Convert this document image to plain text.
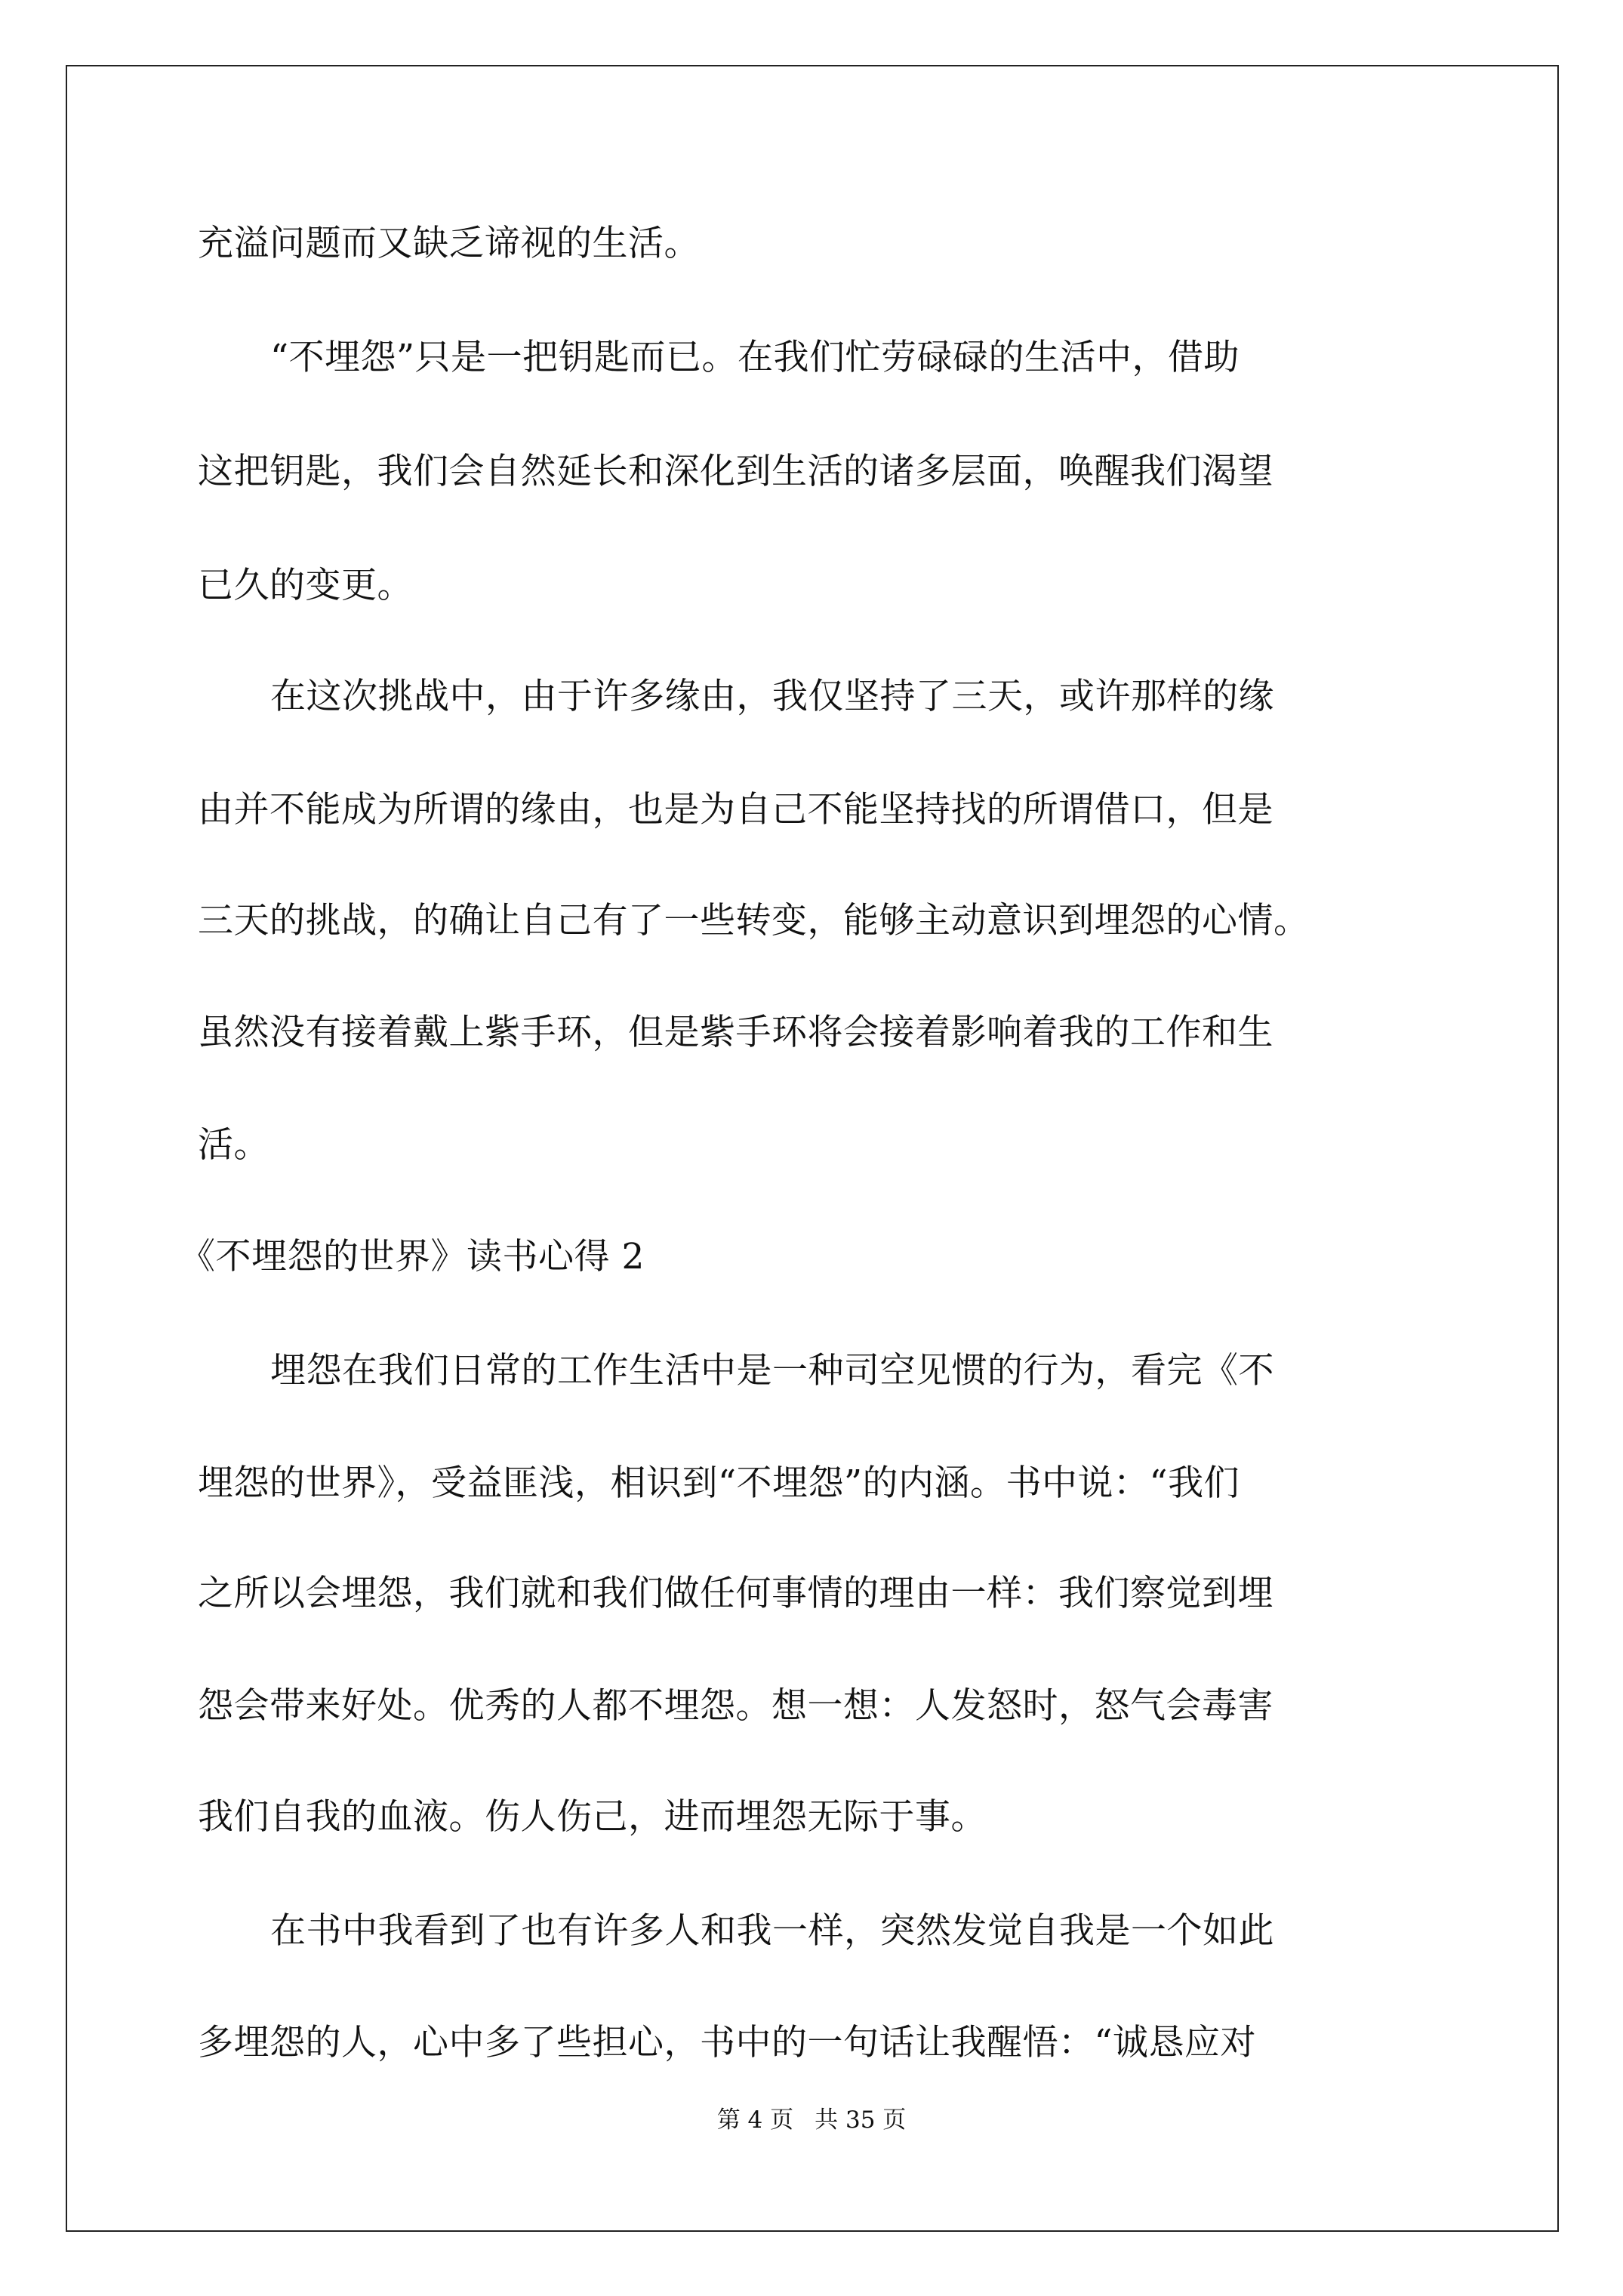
充溢问题而又缺乏谛视的生活。
“不埋怨”只是一把钥匙而已。在我们忙劳碌碌的生活中，借助
这把钥匙，我们会自然延长和深化到生活的诸多层面，唤醒我们渴望
已久的变更。
在这次挑战中，由于许多缘由，我仅坚持了三天，或许那样的缘
由并不能成为所谓的缘由，也是为自己不能坚持找的所谓借口，但是
三天的挑战，的确让自己有了一些转变，能够主动意识到埋怨的心情。
虽然没有接着戴上紫手环，但是紫手环将会接着影响着我的工作和生
活。
《不埋怨的世界》读书心得 2
埋怨在我们日常的工作生活中是一种司空见惯的行为，看完《不
埋怨的世界》，受益匪浅，相识到“不埋怨”的内涵。书中说：“我们
之所以会埋怨，我们就和我们做任何事情的理由一样：我们察觉到埋
怨会带来好处。优秀的人都不埋怨。想一想：人发怒时，怒气会毒害
我们自我的血液。伤人伤己，进而埋怨无际于事。
在书中我看到了也有许多人和我一样，突然发觉自我是一个如此
多埋怨的人，心中多了些担心，书中的一句话让我醒悟：“诚恳应对
第 4 页 共 35 页
